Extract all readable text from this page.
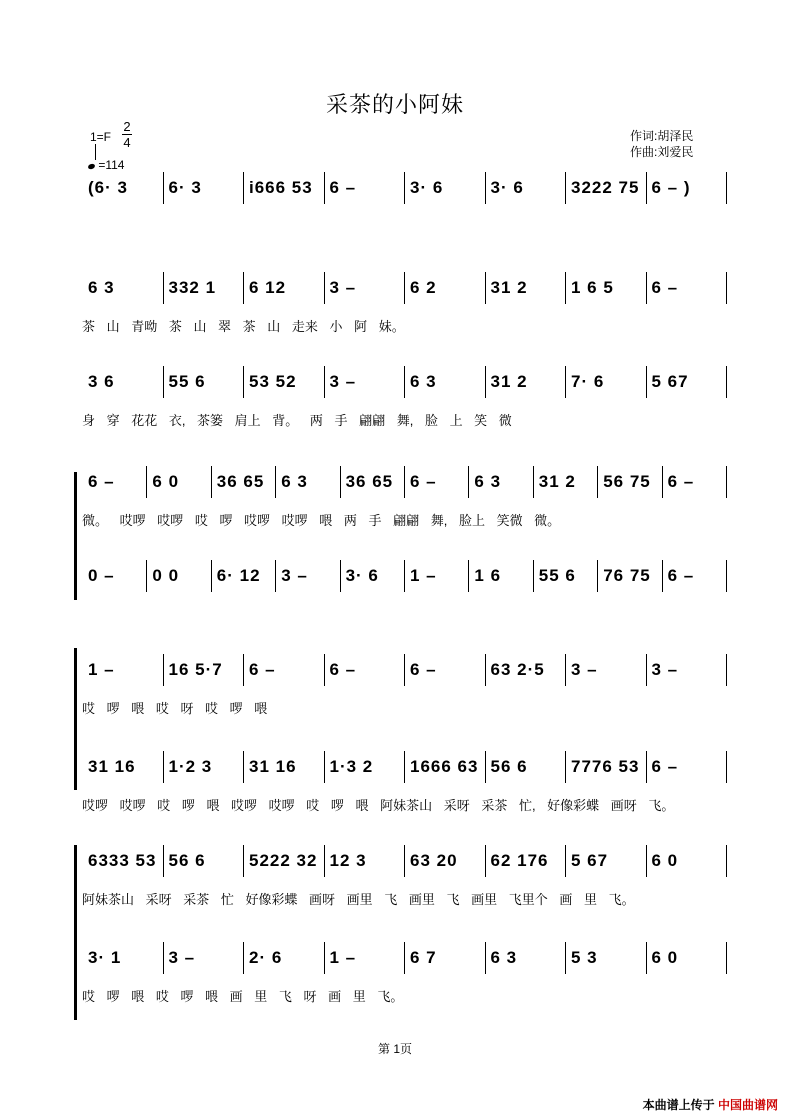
采茶的小阿妹
作词:胡泽民
作曲:刘爱民
1=F
2
4
=114
(6· 3	6· 3	i666 53 6 –	3· 6	3· 6	3222 75 6 – )
6 3	332 1	6 12	3 –	6 2	31 2	1 6 5	6 –
茶 山 青呦 茶 山 翠 茶 山 走来 小 阿 妹。
3 6	55 6	53 52	3 –	6 3	31 2	7· 6	5 67
身 穿 花花 衣, 茶篓 肩上 背。 两 手 翩翩 舞, 脸 上 笑 微
6 –	6 0	36 65 6 3	36 65 6 –	6 3	31 2	56 75 6 –
微。 哎啰 哎啰 哎 啰 哎啰 哎啰 喂 两 手 翩翩 舞, 脸上 笑微 微。
0 –	0 0	6· 12	3 –	3· 6	1 –	1 6	55 6	76 75 6 –
1 –	16 5·7	6 –	6 –	6 –	63 2·5	3 –	3 –
哎 啰 喂 哎 呀 哎 啰 喂
31 16	1·2 3	31 16	1·3 2	1666 63 56 6	7776 53 6 –
哎啰 哎啰 哎 啰 喂 哎啰 哎啰 哎 啰 喂 阿妹茶山 采呀 采茶 忙, 好像彩蝶 画呀 飞。
6333 53 56 6	5222 32 12 3	63 20	62 176	5 67	6 0
阿妹茶山 采呀 采茶 忙 好像彩蝶 画呀 画里 飞 画里 飞 画里 飞里个 画 里 飞。
3· 1	3 –	2· 6	1 –	6 7	6 3	5 3	6 0
哎 啰 喂 哎 啰 喂 画 里 飞 呀 画 里 飞。
第 1页
本曲谱上传于 中国曲谱网
